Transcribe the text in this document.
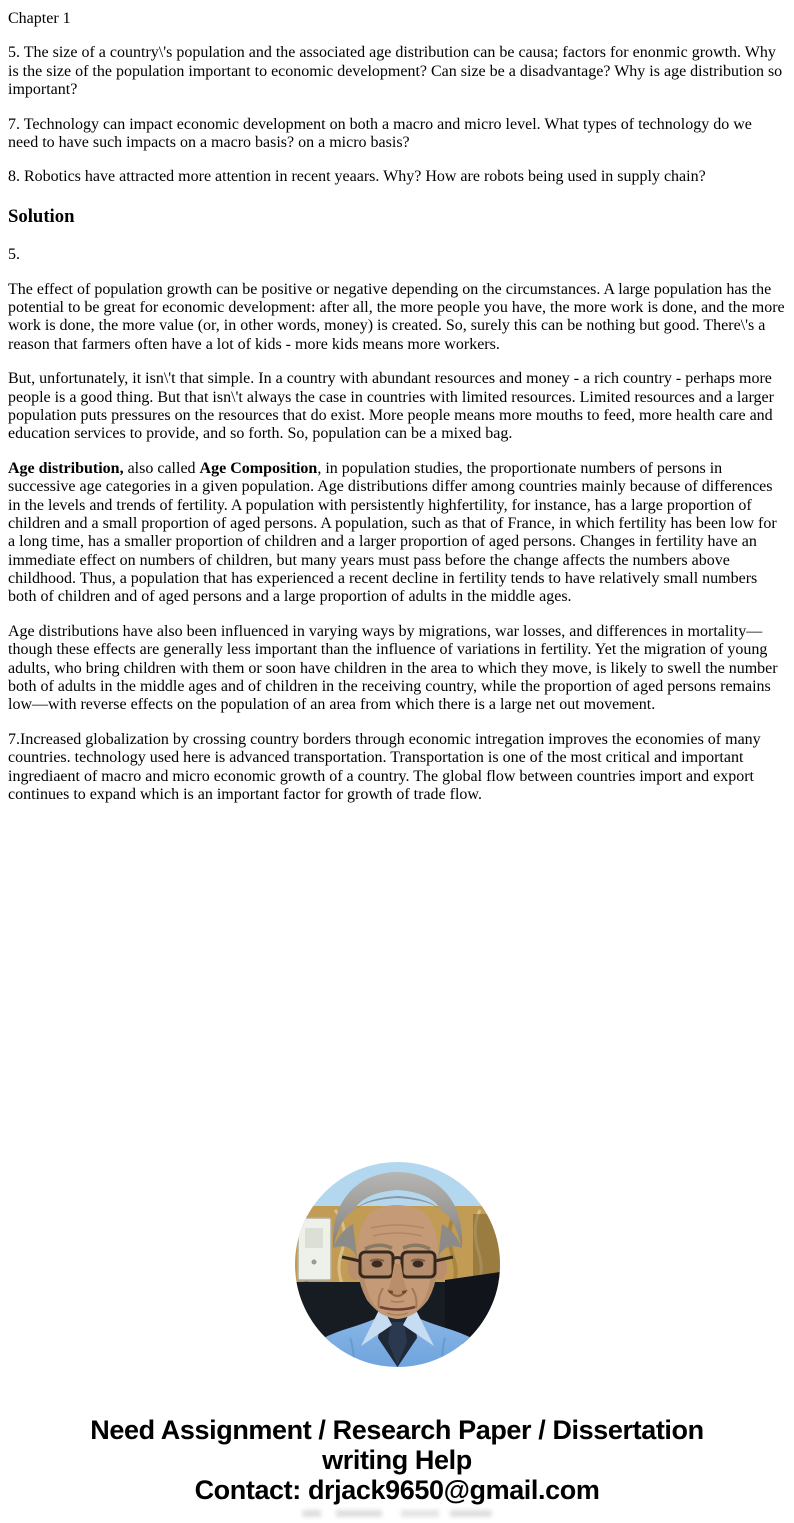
Chapter 1

5. The size of a country\'s population and the associated age distribution can be causa; factors for enonmic growth. Why is the size of the population important to economic development? Can size be a disadvantage? Why is age distribution so important?

7. Technology can impact economic development on both a macro and micro level. What types of technology do we need to have such impacts on a macro basis? on a micro basis?

8. Robotics have attracted more attention in recent yeaars. Why? How are robots being used in supply chain?

Solution

5.

The effect of population growth can be positive or negative depending on the circumstances. A large population has the potential to be great for economic development: after all, the more people you have, the more work is done, and the more work is done, the more value (or, in other words, money) is created. So, surely this can be nothing but good. There\'s a reason that farmers often have a lot of kids - more kids means more workers.

But, unfortunately, it isn\'t that simple. In a country with abundant resources and money - a rich country - perhaps more people is a good thing. But that isn\'t always the case in countries with limited resources. Limited resources and a larger population puts pressures on the resources that do exist. More people means more mouths to feed, more health care and education services to provide, and so forth. So, population can be a mixed bag.

Age distribution, also called Age Composition, in population studies, the proportionate numbers of persons in successive age categories in a given population. Age distributions differ among countries mainly because of differences in the levels and trends of fertility. A population with persistently highfertility, for instance, has a large proportion of children and a small proportion of aged persons. A population, such as that of France, in which fertility has been low for a long time, has a smaller proportion of children and a larger proportion of aged persons. Changes in fertility have an immediate effect on numbers of children, but many years must pass before the change affects the numbers above childhood. Thus, a population that has experienced a recent decline in fertility tends to have relatively small numbers both of children and of aged persons and a large proportion of adults in the middle ages.

Age distributions have also been influenced in varying ways by migrations, war losses, and differences in mortality—though these effects are generally less important than the influence of variations in fertility. Yet the migration of young adults, who bring children with them or soon have children in the area to which they move, is likely to swell the number both of adults in the middle ages and of children in the receiving country, while the proportion of aged persons remains low—with reverse effects on the population of an area from which there is a large net out movement.

7.Increased globalization by crossing country borders through economic intregation improves the economies of many countries. technology used here is advanced transportation. Transportation is one of the most critical and important ingrediaent of macro and micro economic growth of a country. The global flow between countries import and export continues to expand which is an important factor for growth of trade flow.

Need Assignment / Research Paper / Dissertation
writing Help
Contact: drjack9650@gmail.com
